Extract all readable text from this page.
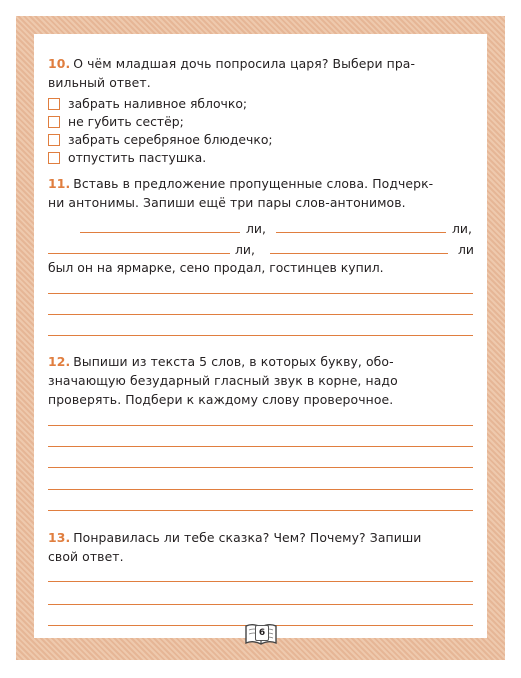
10. О чём младшая дочь попросила царя? Выбери пра-
вильный ответ.
забрать наливное яблочко;
не губить сестёр;
забрать серебряное блюдечко;
отпустить пастушка.
11. Вставь в предложение пропущенные слова. Подчерк-
ни антонимы. Запиши ещё три пары слов-антонимов.
ли,	ли,
ли,	ли
был он на ярмарке, сено продал, гостинцев купил.
12. Выпиши из текста 5 слов, в которых букву, обо-
значающую безударный гласный звук в корне, надо
проверять. Подбери к каждому слову проверочное.
13. Понравилась ли тебе сказка? Чем? Почему? Запиши
свой ответ.
6
